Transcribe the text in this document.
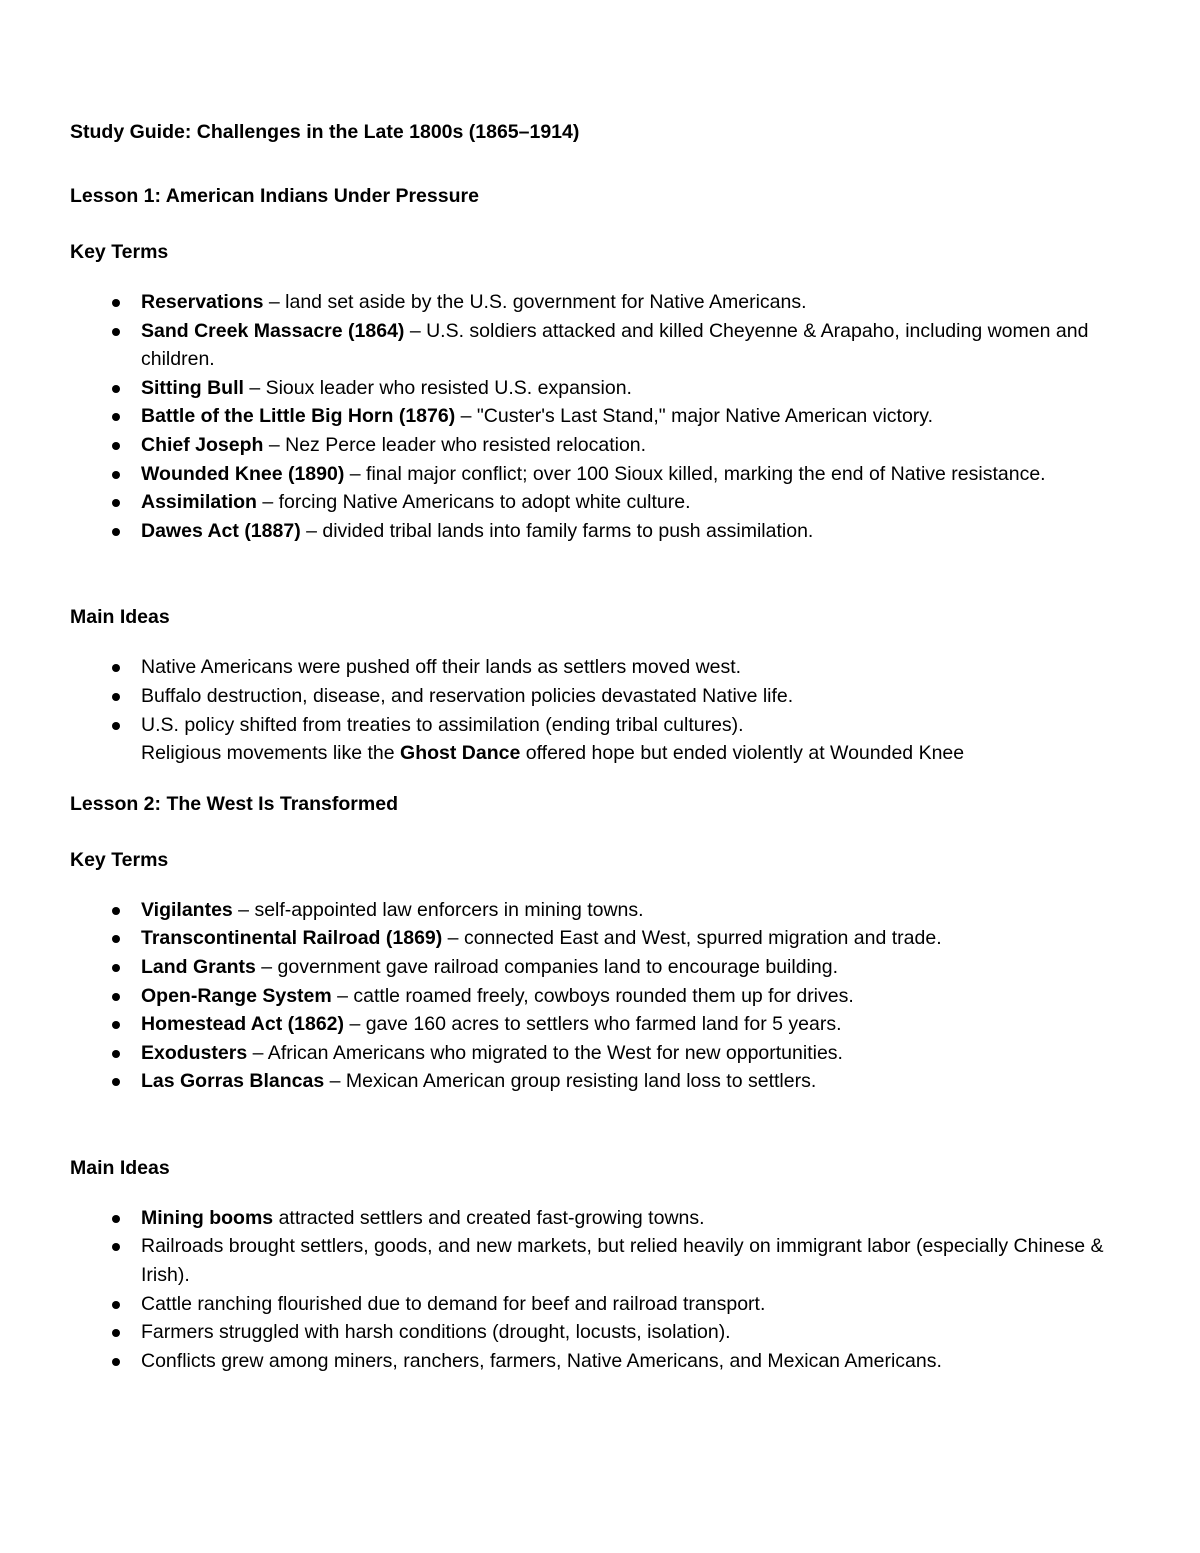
Study Guide: Challenges in the Late 1800s (1865–1914)
Lesson 1: American Indians Under Pressure
Key Terms
Reservations – land set aside by the U.S. government for Native Americans.
Sand Creek Massacre (1864) – U.S. soldiers attacked and killed Cheyenne & Arapaho, including women and children.
Sitting Bull – Sioux leader who resisted U.S. expansion.
Battle of the Little Big Horn (1876) – "Custer's Last Stand," major Native American victory.
Chief Joseph – Nez Perce leader who resisted relocation.
Wounded Knee (1890) – final major conflict; over 100 Sioux killed, marking the end of Native resistance.
Assimilation – forcing Native Americans to adopt white culture.
Dawes Act (1887) – divided tribal lands into family farms to push assimilation.
Main Ideas
Native Americans were pushed off their lands as settlers moved west.
Buffalo destruction, disease, and reservation policies devastated Native life.
U.S. policy shifted from treaties to assimilation (ending tribal cultures).
Religious movements like the Ghost Dance offered hope but ended violently at Wounded Knee
Lesson 2: The West Is Transformed
Key Terms
Vigilantes – self-appointed law enforcers in mining towns.
Transcontinental Railroad (1869) – connected East and West, spurred migration and trade.
Land Grants – government gave railroad companies land to encourage building.
Open-Range System – cattle roamed freely, cowboys rounded them up for drives.
Homestead Act (1862) – gave 160 acres to settlers who farmed land for 5 years.
Exodusters – African Americans who migrated to the West for new opportunities.
Las Gorras Blancas – Mexican American group resisting land loss to settlers.
Main Ideas
Mining booms attracted settlers and created fast-growing towns.
Railroads brought settlers, goods, and new markets, but relied heavily on immigrant labor (especially Chinese & Irish).
Cattle ranching flourished due to demand for beef and railroad transport.
Farmers struggled with harsh conditions (drought, locusts, isolation).
Conflicts grew among miners, ranchers, farmers, Native Americans, and Mexican Americans.
